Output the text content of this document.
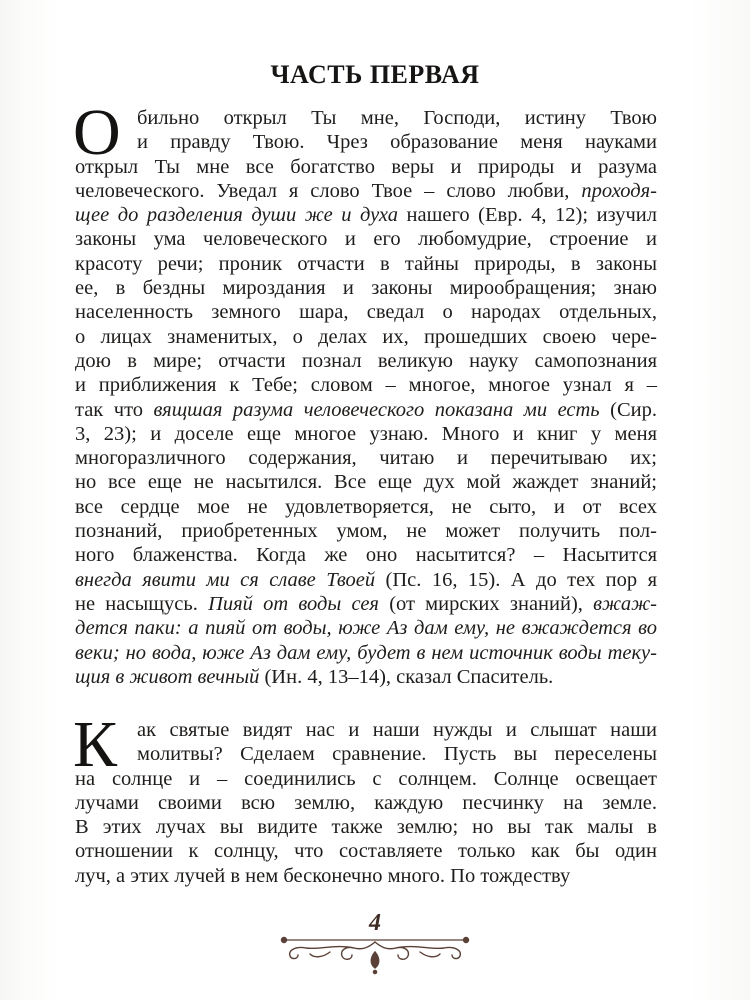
ЧАСТЬ ПЕРВАЯ
О бильно открыл Ты мне, Господи, истину Твою
и правду Твою. Чрез образование меня науками
открыл Ты мне все богатство веры и природы и разума
человеческого. Уведал я слово Твое – слово любви, проходя-
щее до разделения души же и духа нашего (Евр. 4, 12); изучил
законы ума человеческого и его любомудрие, строение и
красоту речи; проник отчасти в тайны природы, в законы
ее, в бездны мироздания и законы мирообращения; знаю
населенность земного шара, сведал о народах отдельных,
о лицах знаменитых, о делах их, прошедших своею чере-
дою в мире; отчасти познал великую науку самопознания
и приближения к Тебе; словом – многое, многое узнал я –
так что вящшая разума человеческого показана ми есть (Сир.
3, 23); и доселе еще многое узнаю. Много и книг у меня
многоразличного содержания, читаю и перечитываю их;
но все еще не насытился. Все еще дух мой жаждет знаний;
все сердце мое не удовлетворяется, не сыто, и от всех
познаний, приобретенных умом, не может получить пол-
ного блаженства. Когда же оно насытится? – Насытится
внегда явити ми ся славе Твоей (Пс. 16, 15). А до тех пор я
не насыщусь. Пияй от воды сея (от мирских знаний), вжаж-
дется паки: а пияй от воды, юже Аз дам ему, не вжаждется во
веки; но вода, юже Аз дам ему, будет в нем источник воды теку-
щия в живот вечный (Ин. 4, 13–14), сказал Спаситель.
К ак святые видят нас и наши нужды и слышат наши
молитвы? Сделаем сравнение. Пусть вы переселены
на солнце и – соединились с солнцем. Солнце освещает
лучами своими всю землю, каждую песчинку на земле.
В этих лучах вы видите также землю; но вы так малы в
отношении к солнцу, что составляете только как бы один
луч, а этих лучей в нем бесконечно много. По тождеству
4
